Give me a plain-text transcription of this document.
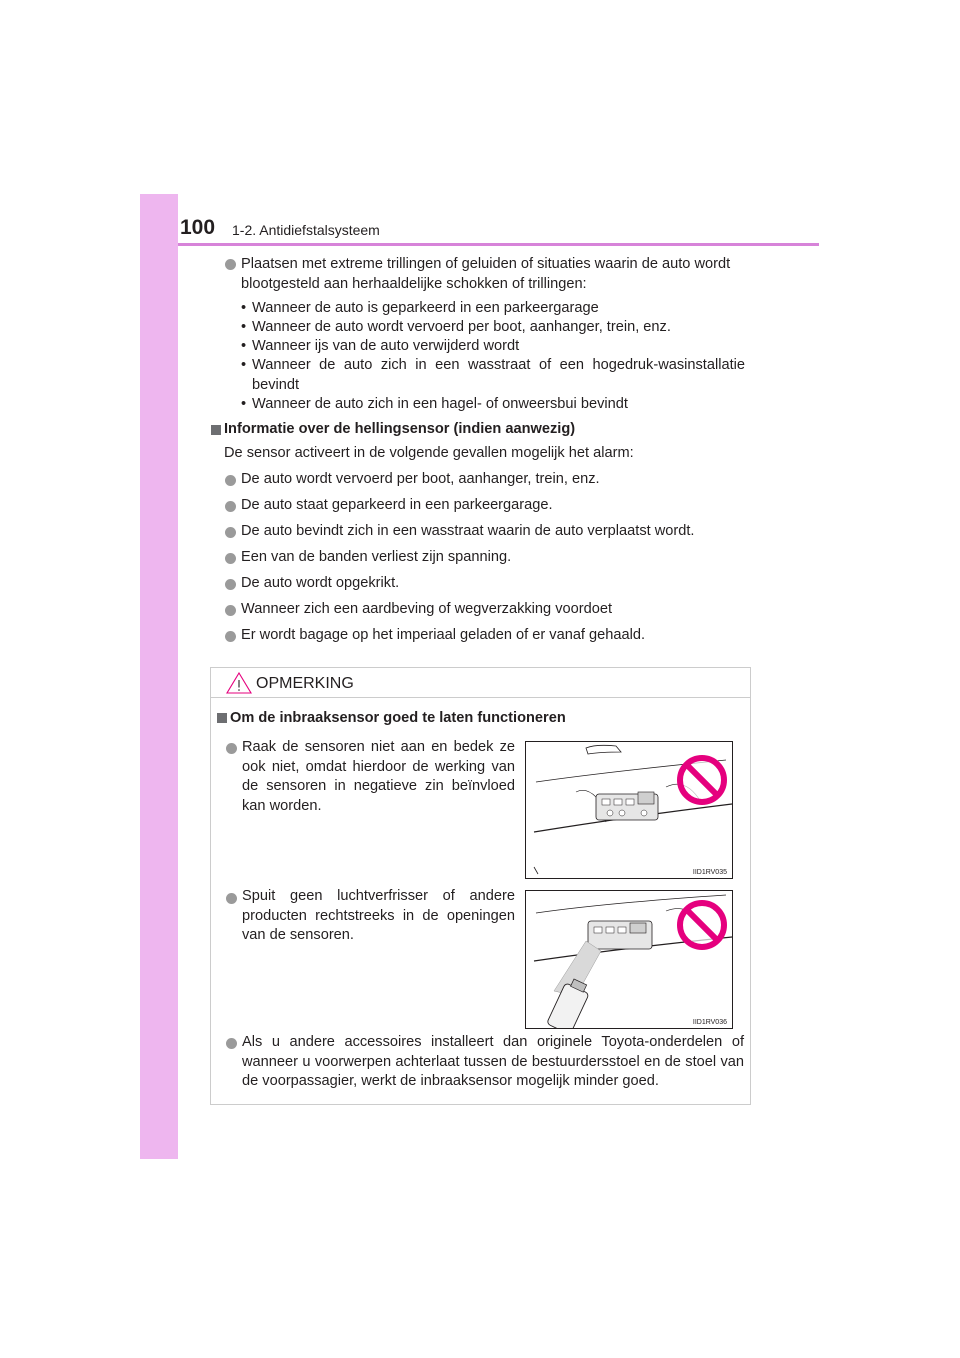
100 1-2. Antidiefstalsysteem
Plaatsen met extreme trillingen of geluiden of situaties waarin de auto wordt blootgesteld aan herhaaldelijke schokken of trillingen:
• Wanneer de auto is geparkeerd in een parkeergarage
• Wanneer de auto wordt vervoerd per boot, aanhanger, trein, enz.
• Wanneer ijs van de auto verwijderd wordt
• Wanneer de auto zich in een wasstraat of een hogedruk-wasinstallatie bevindt
• Wanneer de auto zich in een hagel- of onweersbui bevindt
Informatie over de hellingsensor (indien aanwezig)
De sensor activeert in de volgende gevallen mogelijk het alarm:
De auto wordt vervoerd per boot, aanhanger, trein, enz.
De auto staat geparkeerd in een parkeergarage.
De auto bevindt zich in een wasstraat waarin de auto verplaatst wordt.
Een van de banden verliest zijn spanning.
De auto wordt opgekrikt.
Wanneer zich een aardbeving of wegverzakking voordoet
Er wordt bagage op het imperiaal geladen of er vanaf gehaald.
OPMERKING
Om de inbraaksensor goed te laten functioneren
Raak de sensoren niet aan en bedek ze ook niet, omdat hierdoor de werking van de sensoren in negatieve zin beïnvloed kan worden.
IID1RV035
Spuit geen luchtverfrisser of andere producten rechtstreeks in de openingen van de sensoren.
IID1RV036
Als u andere accessoires installeert dan originele Toyota-onderdelen of wanneer u voorwerpen achterlaat tussen de bestuurdersstoel en de stoel van de voorpassagier, werkt de inbraaksensor mogelijk minder goed.
